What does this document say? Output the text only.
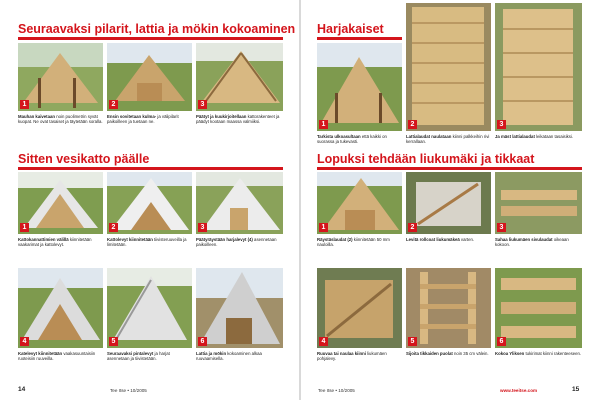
Seuraavaksi pilarit, lattia ja mökin kokoaminen
1	2	3
Mauhan kaivetaan noin puolimetrin syvät kuopat. Ne ovat tasaiset ja täytetään soralla.
Ensin sovitetaan kulma- ja välipilarit paikoilleen ja tuetaan ne.
Päätyt ja kuukirjoitellaan kattorakenteet ja päädyt kootaan maassa valmiiksi.
Sitten vesikatto päälle
1	2	3
Kattokannattimien välillä kiinnitetään vaakarimat ja kattolevyt.
Kattolevyt kiinnitetään tiivisteruuveilla ja limitetään.
Päätyräystään harjalevyt (4) asennetaan paikoilleen.
4	5	6
Katelevyt kiinnitetään vaakasuuntaisiin ruoteisiin ruuveilla.
Seuraavaksi pintalevyt ja harjat asennetaan ja tiivistetään.
Lattia ja mökin kokoaminen alkaa ruuvaamisella.
14	Tee Itse • 10/2005
Harjakaiset
1	2	3
Tarkista ulkoasultaan että kaikki on suorassa ja tukevasti.
Lattialaudat naulataan kiinni palkkeihin rivi kerrallaan.
Ja mäst lattialaudat leikataan tasaisiksi.
Lopuksi tehdään liukumäki ja tikkaat
1	2	3
Räystäslaudat (2) kiinnitetään 50 mm nauloilla.
Levitä rollcoat liukumäkeä varten.	Sahaa liukumäen sivulaudat oikeaan kokoon.
4	5	6
Ruuvaa tai naulaa kiinni liukumäen pohjalevy.
Sijoita tikkaiden puolat noin 35 cm välein.	Kokoa Yliksen tukirimat kiinni rakenteeseen.
Tee Itse • 10/2005	www.teeitse.com	15
